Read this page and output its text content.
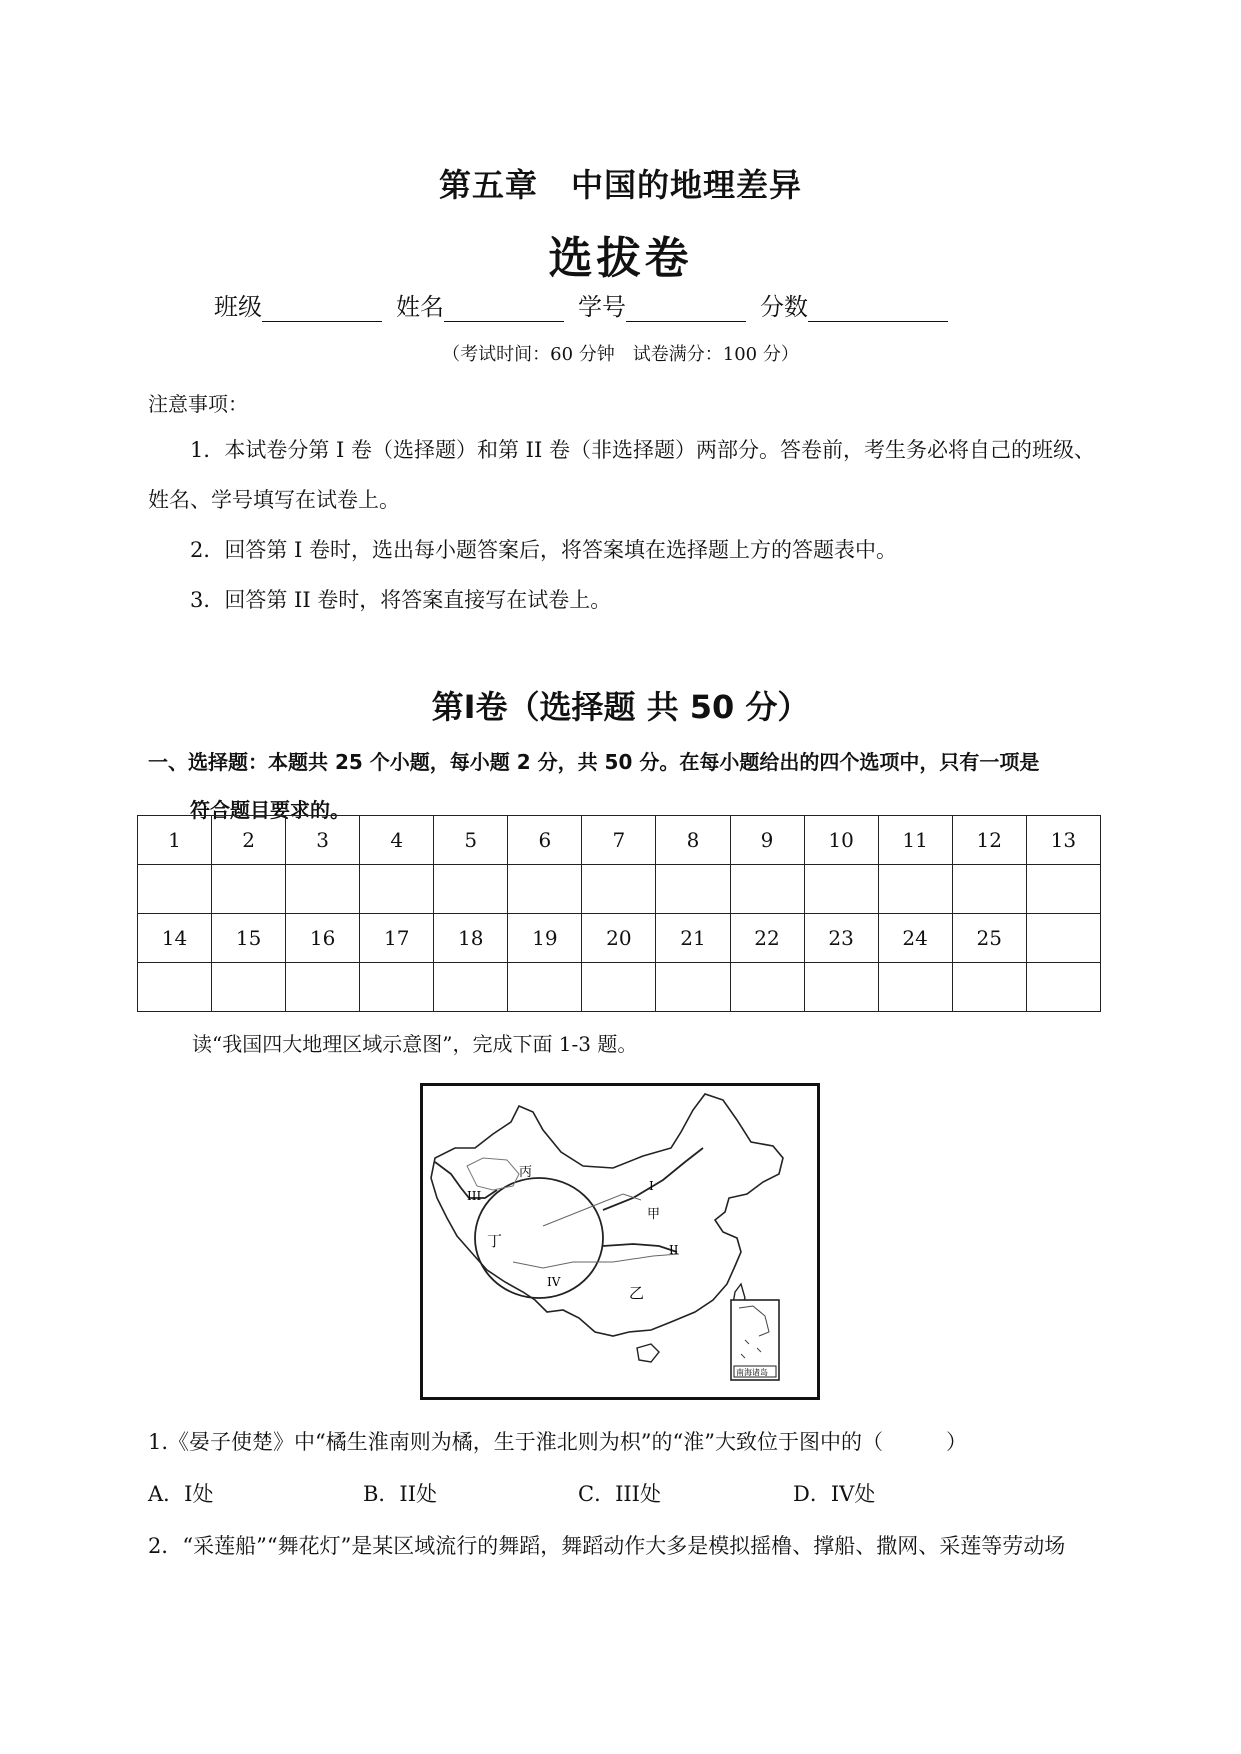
第五章　中国的地理差异
选拔卷
班级	姓名	学号	分数
（考试时间：60 分钟　试卷满分：100 分）
注意事项：

1．本试卷分第 I 卷（选择题）和第 II 卷（非选择题）两部分。答卷前，考生务必将自己的班级、

姓名、学号填写在试卷上。

2．回答第 I 卷时，选出每小题答案后，将答案填在选择题上方的答题表中。

3．回答第 II 卷时，将答案直接写在试卷上。

第I卷（选择题 共 50 分）
一、选择题：本题共 25 个小题，每小题 2 分，共 50 分。在每小题给出的四个选项中，只有一项是
符合题目要求的。
1	2	3	4	5	6	7	8	9	10	11	12	13

14	15	16	17	18	19	20	21	22	23	24	25	

读“我国四大地理区域示意图”，完成下面 1-3 题。
丙
丁
甲
乙
I
II
III
IV
南海诸岛
1.《晏子使楚》中“橘生淮南则为橘，生于淮北则为枳”的“淮”大致位于图中的（　　　）
A．I处	B．II处	C．III处	D．IV处
2．“采莲船”“舞花灯”是某区域流行的舞蹈，舞蹈动作大多是模拟摇橹、撑船、撒网、采莲等劳动场
